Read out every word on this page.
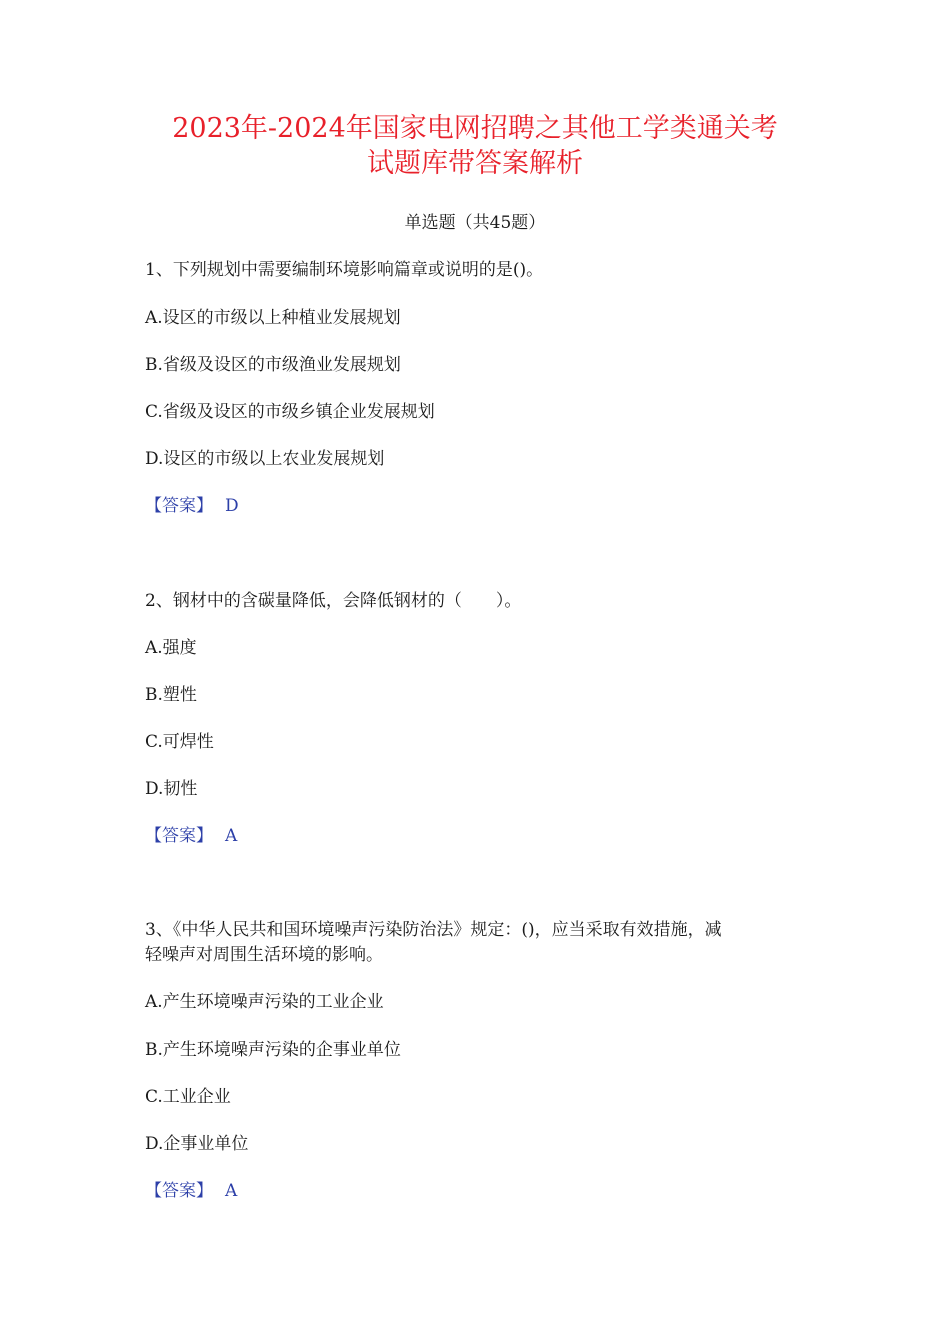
2023年-2024年国家电网招聘之其他工学类通关考
试题库带答案解析
单选题（共45题）
1、下列规划中需要编制环境影响篇章或说明的是()。
A.设区的市级以上种植业发展规划
B.省级及设区的市级渔业发展规划
C.省级及设区的市级乡镇企业发展规划
D.设区的市级以上农业发展规划
【答案】 D
2、钢材中的含碳量降低，会降低钢材的（　　）。
A.强度
B.塑性
C.可焊性
D.韧性
【答案】 A
3、《中华人民共和国环境噪声污染防治法》规定：()，应当采取有效措施，减
轻噪声对周围生活环境的影响。
A.产生环境噪声污染的工业企业
B.产生环境噪声污染的企事业单位
C.工业企业
D.企事业单位
【答案】 A
